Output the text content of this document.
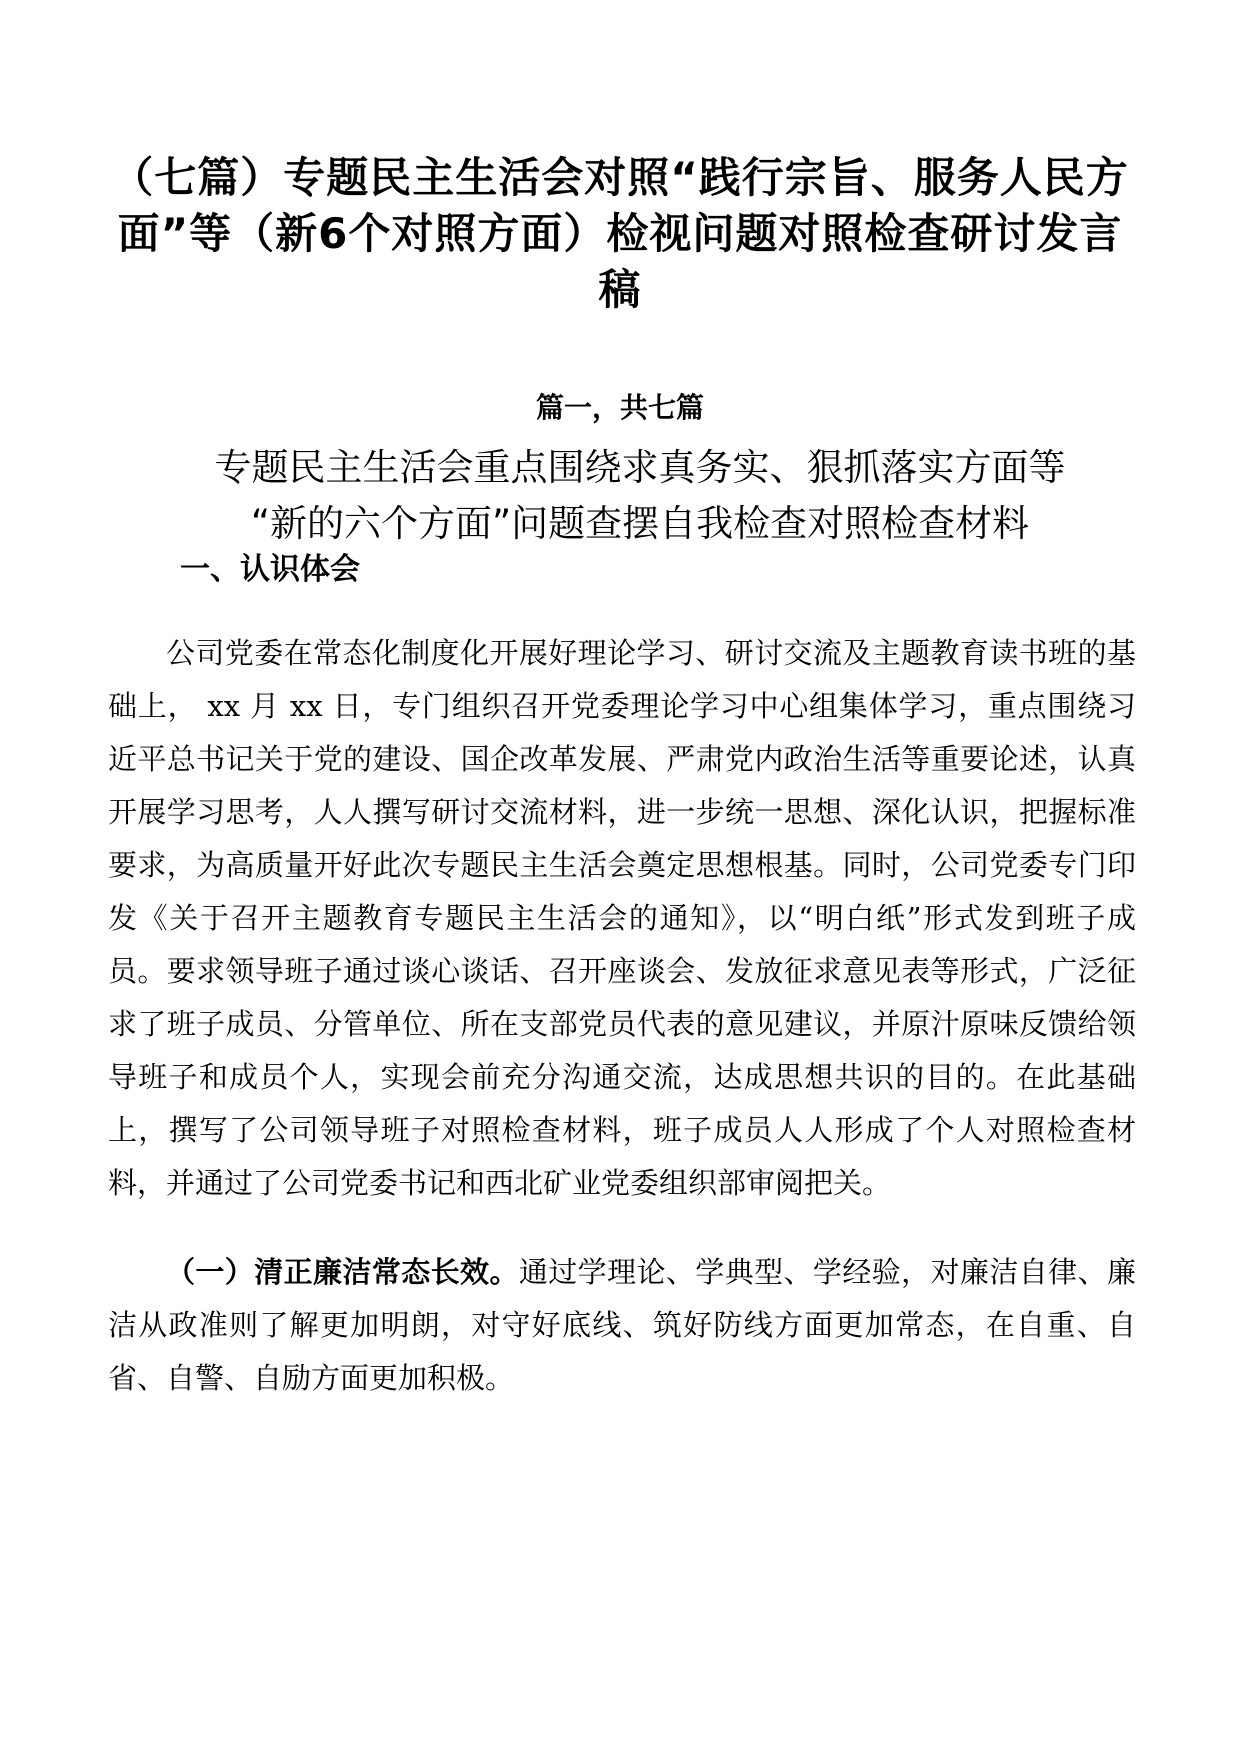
（七篇）专题民主生活会对照“践行宗旨、服务人民方面”等（新6个对照方面）检视问题对照检查研讨发言稿
篇一，共七篇
专题民主生活会重点围绕求真务实、狠抓落实方面等
“新的六个方面”问题查摆自我检查对照检查材料
一、认识体会

公司党委在常态化制度化开展好理论学习、研讨交流及主题教育读书班的基础上， xx 月 xx 日，专门组织召开党委理论学习中心组集体学习，重点围绕习近平总书记关于党的建设、国企改革发展、严肃党内政治生活等重要论述，认真开展学习思考，人人撰写研讨交流材料，进一步统一思想、深化认识，把握标准要求，为高质量开好此次专题民主生活会奠定思想根基。同时，公司党委专门印发《关于召开主题教育专题民主生活会的通知》，以“明白纸”形式发到班子成员。要求领导班子通过谈心谈话、召开座谈会、发放征求意见表等形式，广泛征求了班子成员、分管单位、所在支部党员代表的意见建议，并原汁原味反馈给领导班子和成员个人，实现会前充分沟通交流，达成思想共识的目的。在此基础上，撰写了公司领导班子对照检查材料，班子成员人人形成了个人对照检查材料，并通过了公司党委书记和西北矿业党委组织部审阅把关。

（一）清正廉洁常态长效。通过学理论、学典型、学经验，对廉洁自律、廉洁从政准则了解更加明朗，对守好底线、筑好防线方面更加常态，在自重、自省、自警、自励方面更加积极。
